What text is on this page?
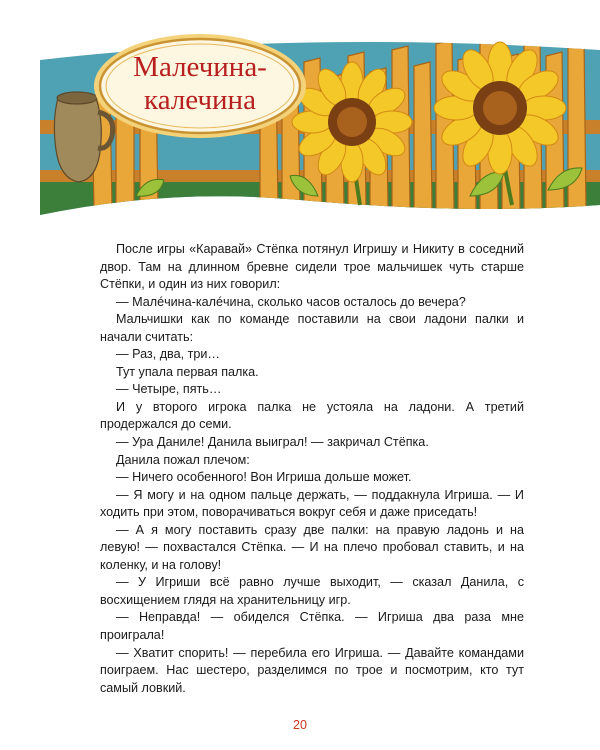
Малечина-
калечина

После игры «Каравай» Стёпка потянул Игришу и Никиту в соседний двор. Там на длинном бревне сидели трое мальчишек чуть старше Стёпки, и один из них говорил:

— Малéчина-калéчина, сколько часов осталось до вечера?

Мальчишки как по команде поставили на свои ладони палки и начали считать:

— Раз, два, три…

Тут упала первая палка.

— Четыре, пять…

И у второго игрока палка не устояла на ладони. А третий продержался до семи.

— Ура Даниле! Данила выиграл! — закричал Стёпка.

Данила пожал плечом:

— Ничего особенного! Вон Игриша дольше может.

— Я могу и на одном пальце держать, — поддакнула Игриша. — И ходить при этом, поворачиваться вокруг себя и даже приседать!

— А я могу поставить сразу две палки: на правую ладонь и на левую! — похвастался Стёпка. — И на плечо пробовал ставить, и на коленку, и на голову!

— У Игриши всё равно лучше выходит, — сказал Данила, с восхищением глядя на хранительницу игр.

— Неправда! — обиделся Стёпка. — Игриша два раза мне проиграла!

— Хватит спорить! — перебила его Игриша. — Давайте командами поиграем. Нас шестеро, разделимся по трое и посмотрим, кто тут самый ловкий.

20
